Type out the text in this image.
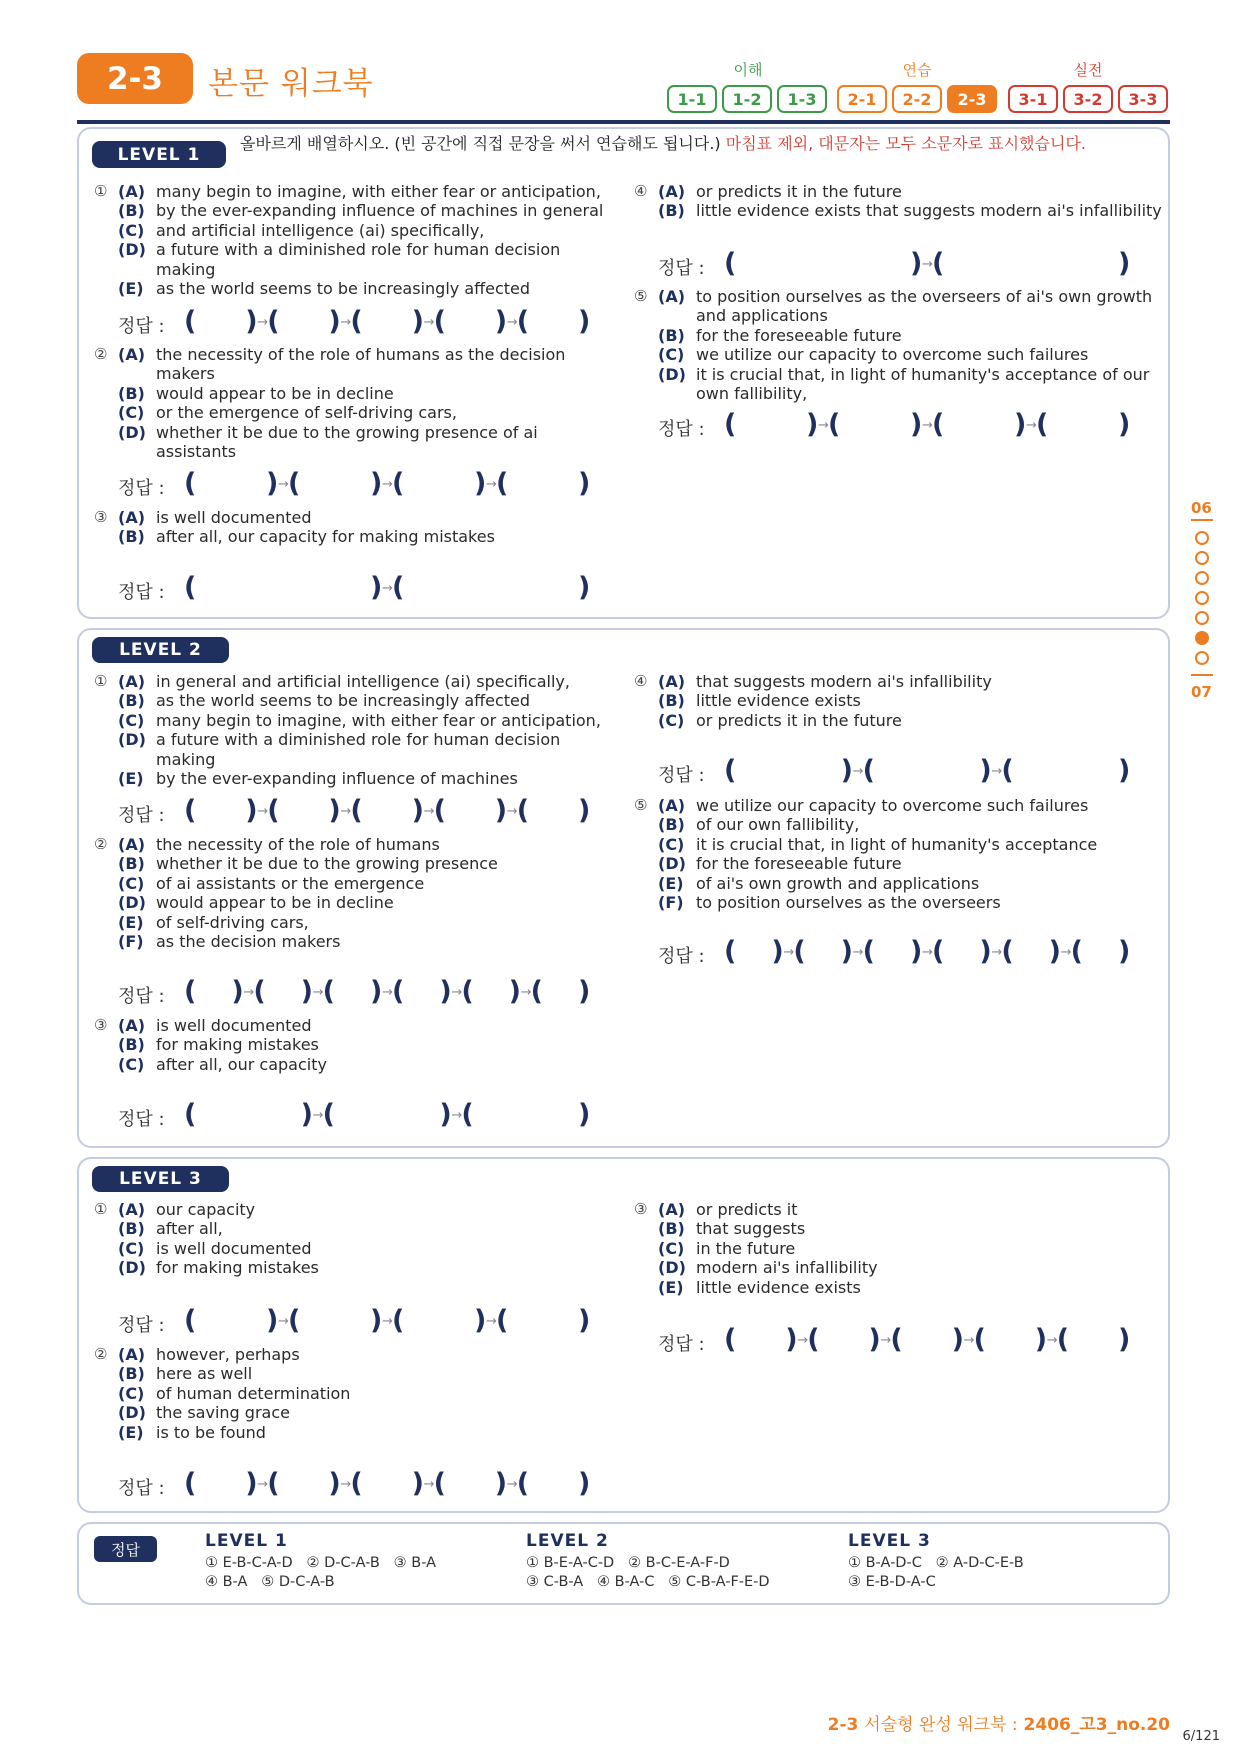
2-3	본문 워크북	이해	연습	실전
1-1	1-2	1-3	2-1	2-2	2-3	3-1	3-2	3-3
LEVEL 1
올바르게 배열하시오. (빈 공간에 직접 문장을 써서 연습해도 됩니다.) 마침표 제외, 대문자는 모두 소문자로 표시했습니다.
LEVEL 2
LEVEL 3
① (A) many begin to imagine, with either fear or anticipation,
(B) by the ever-expanding influence of machines in general
(C) and artificial intelligence (ai) specifically,
(D) a future with a diminished role for human decision making
(E) as the world seems to be increasingly affected
정답 : ( ) → ( ) → ( ) → ( ) → ( )
② (A) the necessity of the role of humans as the decision makers
(B) would appear to be in decline
(C) or the emergence of self-driving cars,
(D) whether it be due to the growing presence of ai assistants
정답 : (	) → (	) → (	) → (	)
③ (A) is well documented
(B) after all, our capacity for making mistakes
정답 : (	) → (	)
④ (A) or predicts it in the future
(B) little evidence exists that suggests modern ai's infallibility
정답 : (	) → (	)
⑤ (A) to position ourselves as the overseers of ai's own growth and applications
(B) for the foreseeable future
(C) we utilize our capacity to overcome such failures
(D) it is crucial that, in light of humanity's acceptance of our own fallibility,
정답 : (	) → (	) → (	) → (	)
① (A) in general and artificial intelligence (ai) specifically,
(B) as the world seems to be increasingly affected
(C) many begin to imagine, with either fear or anticipation,
(D) a future with a diminished role for human decision making
(E) by the ever-expanding influence of machines
정답 : ( ) → ( ) → ( ) → ( ) → ( )
② (A) the necessity of the role of humans
(B) whether it be due to the growing presence
(C) of ai assistants or the emergence
(D) would appear to be in decline
(E) of self-driving cars,
(F) as the decision makers
정답 : ( ) → ( ) → ( ) → ( ) → ( ) → ( )
③ (A) is well documented
(B) for making mistakes
(C) after all, our capacity
정답 : (	) → (	) → (	)
④ (A) that suggests modern ai's infallibility
(B) little evidence exists
(C) or predicts it in the future
정답 : (	) → (	) → (	)
⑤ (A) we utilize our capacity to overcome such failures
(B) of our own fallibility,
(C) it is crucial that, in light of humanity's acceptance
(D) for the foreseeable future
(E) of ai's own growth and applications
(F) to position ourselves as the overseers
정답 : ( ) → ( ) → ( ) → ( ) → ( ) → ( )
① (A) our capacity
(B) after all,
(C) is well documented
(D) for making mistakes
정답 : (	) → (	) → (	) → (	)
② (A) however, perhaps
(B) here as well
(C) of human determination
(D) the saving grace
(E) is to be found
정답 : ( ) → ( ) → ( ) → ( ) → ( )
③ (A) or predicts it
(B) that suggests
(C) in the future
(D) modern ai's infallibility
(E) little evidence exists
정답 : ( ) → ( ) → ( ) → ( ) → ( )
정답	LEVEL 1
① E-B-C-A-D   ② D-C-A-B   ③ B-A
④ B-A   ⑤ D-C-A-B
LEVEL 2
① B-E-A-C-D   ② B-C-E-A-F-D
③ C-B-A   ④ B-A-C   ⑤ C-B-A-F-E-D
LEVEL 3
① B-A-D-C   ② A-D-C-E-B
③ E-B-D-A-C
06
07
2-3 서술형 완성 워크북 : 2406_고3_no.20
6/121
